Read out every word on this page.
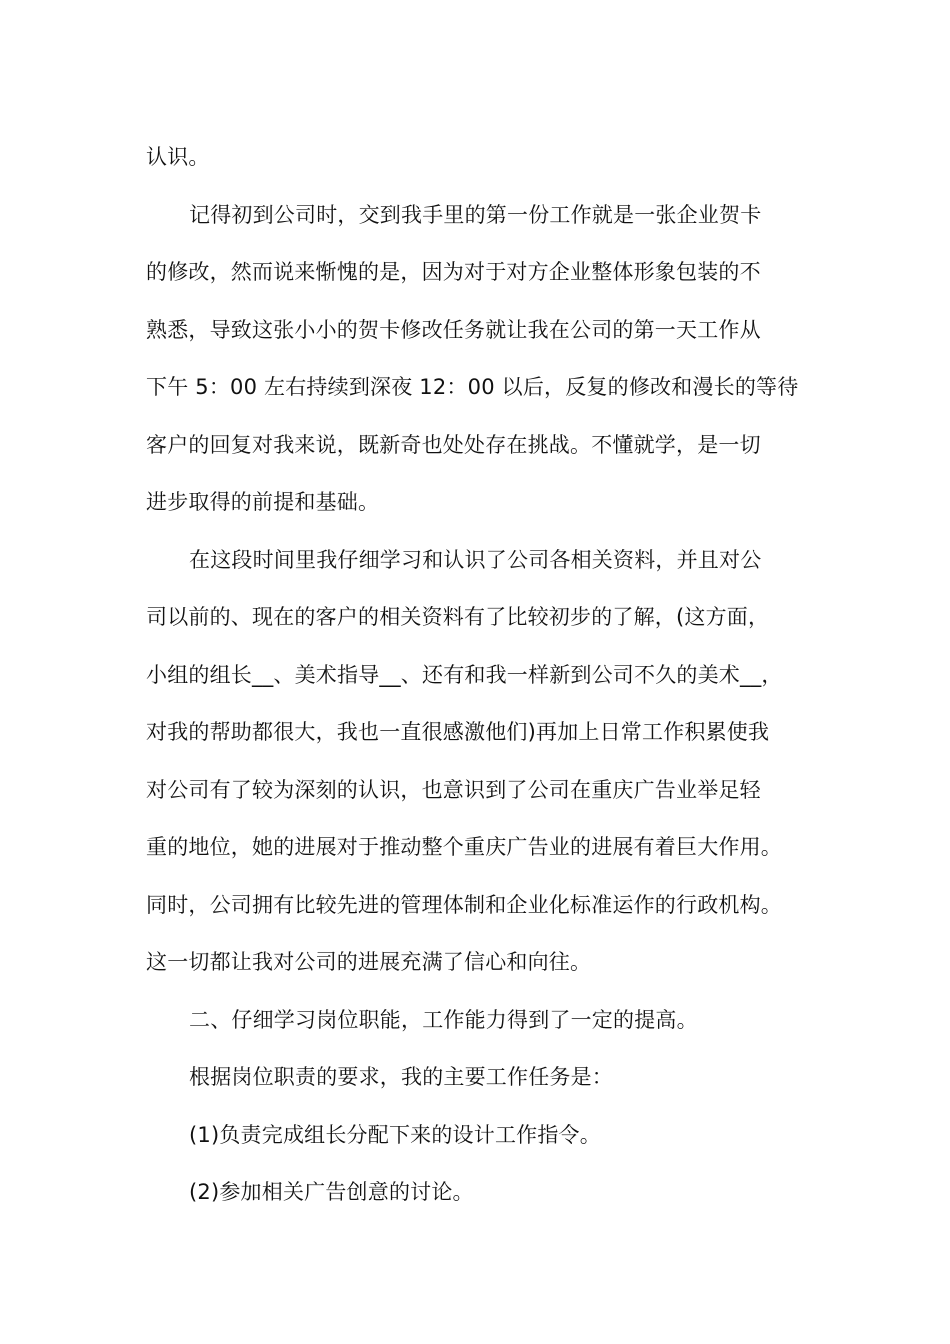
认识。
记得初到公司时，交到我手里的第一份工作就是一张企业贺卡
的修改，然而说来惭愧的是，因为对于对方企业整体形象包装的不
熟悉，导致这张小小的贺卡修改任务就让我在公司的第一天工作从
下午 5：00 左右持续到深夜 12：00 以后，反复的修改和漫长的等待
客户的回复对我来说，既新奇也处处存在挑战。不懂就学，是一切
进步取得的前提和基础。
在这段时间里我仔细学习和认识了公司各相关资料，并且对公
司以前的、现在的客户的相关资料有了比较初步的了解，(这方面，
小组的组长__、美术指导__、还有和我一样新到公司不久的美术__，
对我的帮助都很大，我也一直很感激他们)再加上日常工作积累使我
对公司有了较为深刻的认识，也意识到了公司在重庆广告业举足轻
重的地位，她的进展对于推动整个重庆广告业的进展有着巨大作用。
同时，公司拥有比较先进的管理体制和企业化标准运作的行政机构。
这一切都让我对公司的进展充满了信心和向往。
二、仔细学习岗位职能，工作能力得到了一定的提高。
根据岗位职责的要求，我的主要工作任务是：
(1)负责完成组长分配下来的设计工作指令。
(2)参加相关广告创意的讨论。
